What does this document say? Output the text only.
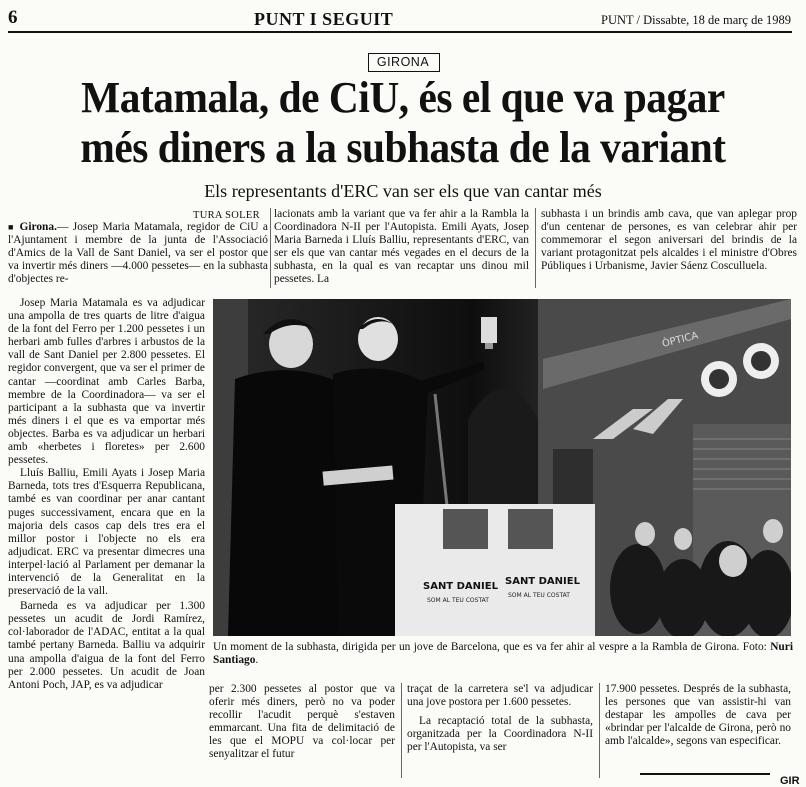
6	PUNT I SEGUIT	PUNT / Dissabte, 18 de març de 1989
GIRONA
Matamala, de CiU, és el que va pagar
més diners a la subhasta de la variant
Els representants d'ERC van ser els que van cantar més
TURA SOLER

■ Girona.— Josep Maria Matamala, regidor de CiU a l'Ajuntament i membre de la junta de l'Associació d'Amics de la Vall de Sant Daniel, va ser el postor que va invertir més diners —4.000 pessetes— en la subhasta d'objectes re-

lacionats amb la variant que va fer ahir a la Rambla la Coordinadora N-II per l'Autopista. Emili Ayats, Josep Maria Barneda i Lluís Balliu, representants d'ERC, van ser els que van cantar més vegades en el decurs de la subhasta, en la qual es van recaptar uns dinou mil pessetes. La
subhasta i un brindis amb cava, que van aplegar prop d'un centenar de persones, es van celebrar ahir per commemorar el segon aniversari del brindis de la variant protagonitzat pels alcaldes i el ministre d'Obres Públiques i Urbanisme, Javier Sáenz Cosculluela.

Josep Maria Matamala es va adjudicar una ampolla de tres quarts de litre d'aigua de la font del Ferro per 1.200 pessetes i un herbari amb fulles d'arbres i arbustos de la vall de Sant Daniel per 2.800 pessetes. El regidor convergent, que va ser el primer de cantar —coordinat amb Carles Barba, membre de la Coordinadora— va ser el participant a la subhasta que va invertir més diners i el que es va emportar més objectes. Barba es va adjudicar un herbari amb «herbetes i floretes» per 2.600 pessetes.

Lluís Balliu, Emili Ayats i Josep Maria Barneda, tots tres d'Esquerra Republicana, també es van coordinar per anar cantant puges successivament, encara que en la majoria dels casos cap dels tres era el millor postor i l'objecte no els era adjudicat. ERC va presentar dimecres una interpel·lació al Parlament per demanar la intervenció de la Generalitat en la preservació de la vall.

Barneda es va adjudicar per 1.300 pessetes un acudit de Jordi Ramírez, col·laborador de l'ADAC, entitat a la qual també pertany Barneda. Balliu va adquirir una ampolla d'aigua de la font del Ferro per 2.000 pessetes. Un acudit de Joan Antoni Poch, JAP, es va adjudicar

ÒPTICA
SANT DANIEL SANT DANIEL
SOM AL TEU COSTAT
SOM AL TEU COSTAT
Un moment de la subhasta, dirigida per un jove de Barcelona, que es va fer ahir al vespre a la Rambla de Girona. Foto: Nuri Santiago.
per 2.300 pessetes al postor que va oferir més diners, però no va poder recollir l'acudit perquè s'estaven emmarcant. Una fita de delimitació de les que el MOPU va col·locar per senyalitzar el futur

traçat de la carretera se'l va adjudicar una jove postora per 1.600 pessetes.

La recaptació total de la subhasta, organitzada per la Coordinadora N-II per l'Autopista, va ser

17.900 pessetes. Després de la subhasta, les persones que van assistir-hi van destapar les ampolles de cava per «brindar per l'alcalde de Girona, però no amb l'alcalde», segons van especificar.
GIR
